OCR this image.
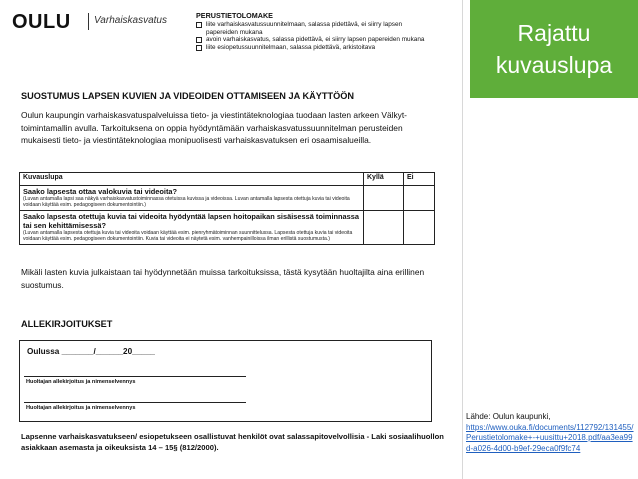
OULU Varhaiskasvatus	PERUSTIETOLOMAKE
liite varhaiskasvatussuunnitelmaan, salassa pidettävä, ei siirry lapsen papereiden mukana
avoin varhaiskasvatus, salassa pidettävä, ei siirry lapsen papereiden mukana
liite esiopetussuunnitelmaan, salassa pidettävä, arkistoitava
SUOSTUMUS LAPSEN KUVIEN JA VIDEOIDEN OTTAMISEEN JA KÄYTTÖÖN
Oulun kaupungin varhaiskasvatuspalveluissa tieto- ja viestintäteknologiaa tuodaan lasten arkeen Välkyt-toimintamallin avulla. Tarkoituksena on oppia hyödyntämään varhaiskasvatussuunnitelman perusteiden mukaisesti tieto- ja viestintäteknologiaa monipuolisesti varhaiskasvatuksen eri osaamisalueilla.
Kuvauslupa	Kyllä	Ei

Saako lapsesta ottaa valokuvia tai videoita?
(Luvan antamalla lapsi saa näkyä varhaiskasvatustoiminnassa otetuissa kuvissa ja videoissa. Luvan antamalla lapsesta otettuja kuvia tai videoita voidaan käyttää esim. pedagogiseen dokumentointiin.)		

Saako lapsesta otettuja kuvia tai videoita hyödyntää lapsen hoitopaikan sisäisessä toiminnassa tai sen kehittämisessä?
(Luvan antamalla lapsesta otettuja kuvia tai videoita voidaan käyttää esim. pienryhmätoiminnan suunnittelussa. Lapsesta otettuja kuvia tai videoita voidaan käyttää esim. pedagogiseen dokumentointiin. Kuvia tai videoita ei näytetä esim. vanhempainilloissa ilman erillistä suostumusta.)		

Mikäli lasten kuvia julkaistaan tai hyödynnetään muissa tarkoituksissa, tästä kysytään huoltajilta aina erillinen suostumus.
ALLEKIRJOITUKSET
Oulussa _______/______20_____
Huoltajan allekirjoitus ja nimenselvennys
Huoltajan allekirjoitus ja nimenselvennys
Lapsenne varhaiskasvatukseen/ esiopetukseen osallistuvat henkilöt ovat salassapitovelvollisia - Laki sosiaalihuollon asiakkaan asemasta ja oikeuksista 14 – 15§ (812/2000).
Rajattu
kuvauslupa
Lähde: Oulun kaupunki,
https://www.ouka.fi/documents/112792/131455/Perustietolomake+-+uusittu+2018.pdf/aa3ea99d-a026-4d00-b9ef-29eca0f9fc74
